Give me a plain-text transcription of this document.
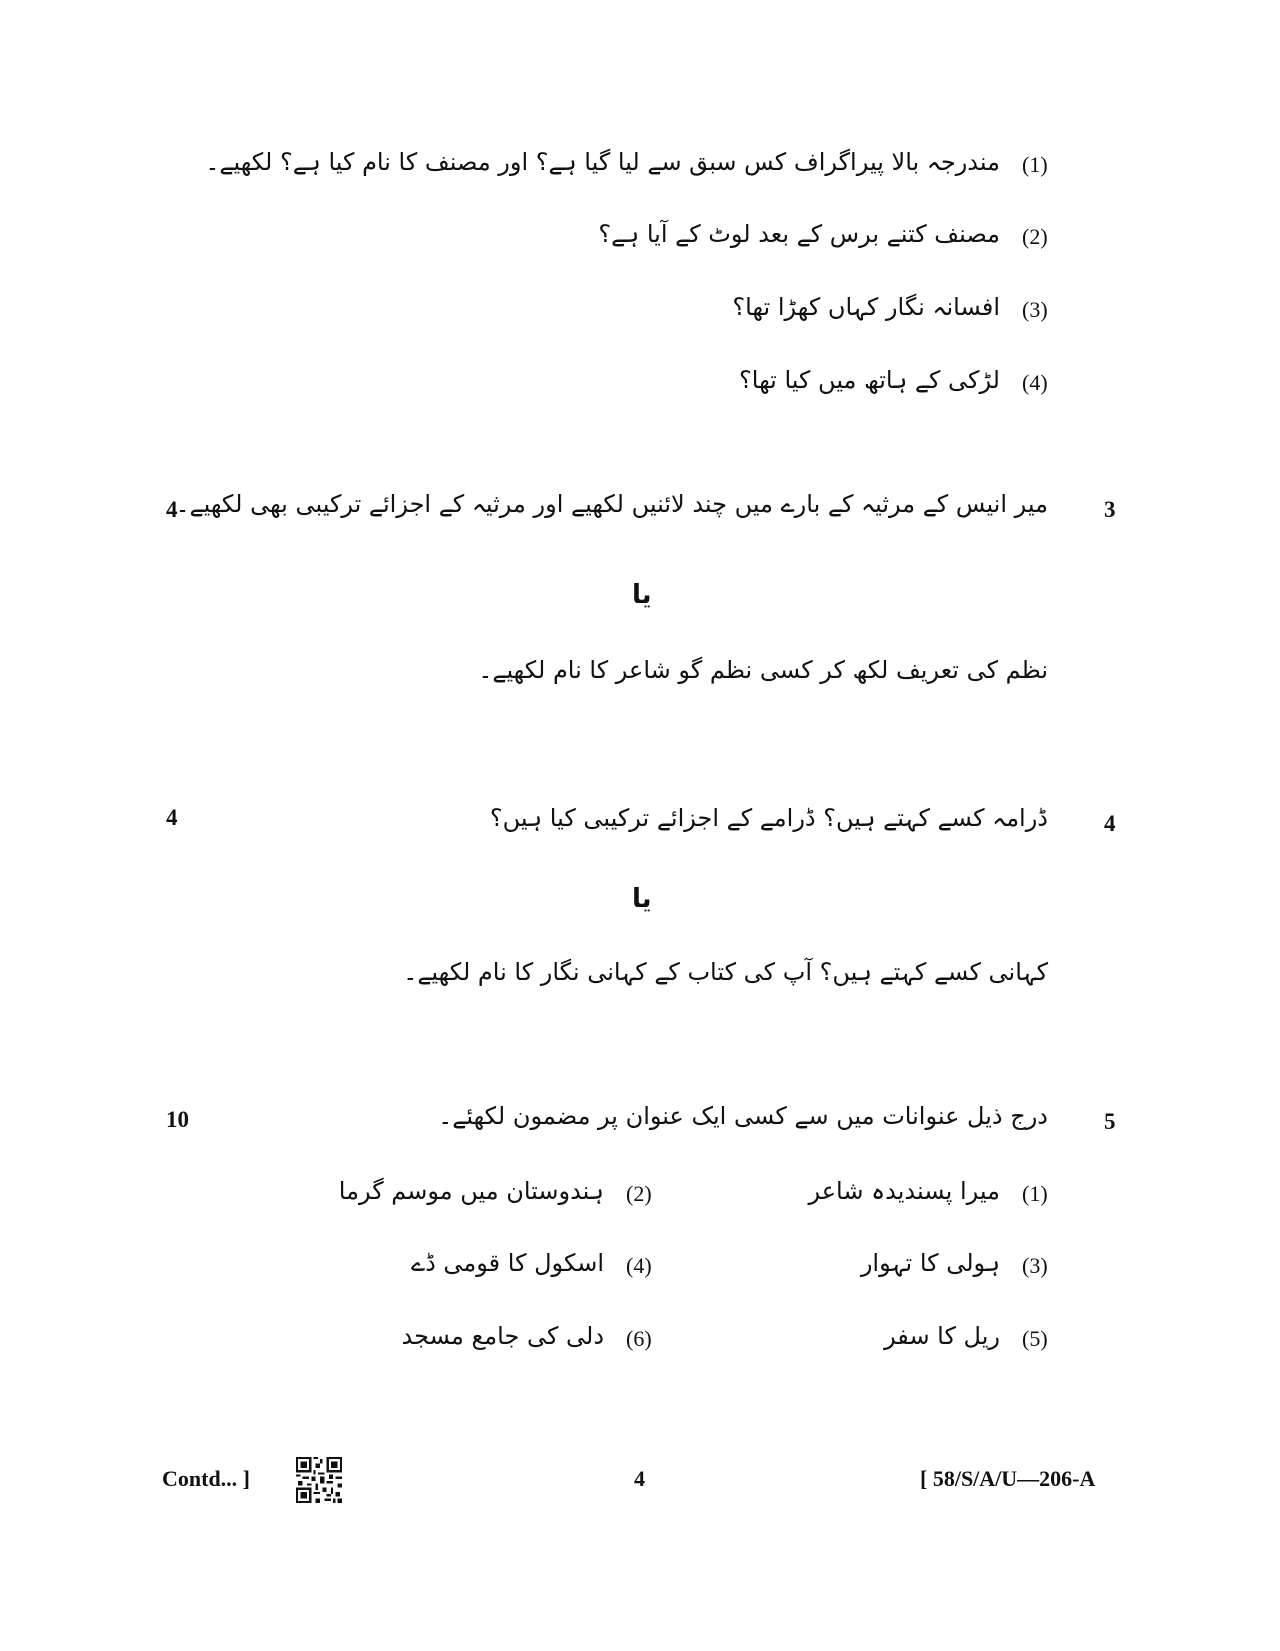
(1)
مندرجہ بالا پیراگراف کس سبق سے لیا گیا ہے؟ اور مصنف کا نام کیا ہے؟ لکھیے۔
(2)
مصنف کتنے برس کے بعد لوٹ کے آیا ہے؟
(3)
افسانہ نگار کہاں کھڑا تھا؟
(4)
لڑکی کے ہاتھ میں کیا تھا؟
4	3
میر انیس کے مرثیہ کے بارے میں چند لائنیں لکھیے اور مرثیہ کے اجزائے ترکیبی بھی لکھیے۔
یا
نظم کی تعریف لکھ کر کسی نظم گو شاعر کا نام لکھیے۔
4	4
ڈرامہ کسے کہتے ہیں؟ ڈرامے کے اجزائے ترکیبی کیا ہیں؟
یا
کہانی کسے کہتے ہیں؟ آپ کی کتاب کے کہانی نگار کا نام لکھیے۔
10	5
درج ذیل عنوانات میں سے کسی ایک عنوان پر مضمون لکھئے۔
(1)
میرا پسندیدہ شاعر
(2)
ہندوستان میں موسم گرما
(3)
ہولی کا تہوار
(4)
اسکول کا قومی ڈے
(5)
ریل کا سفر
(6)
دلی کی جامع مسجد
Contd... ]	4	[ 58/S/A/U—206-A
